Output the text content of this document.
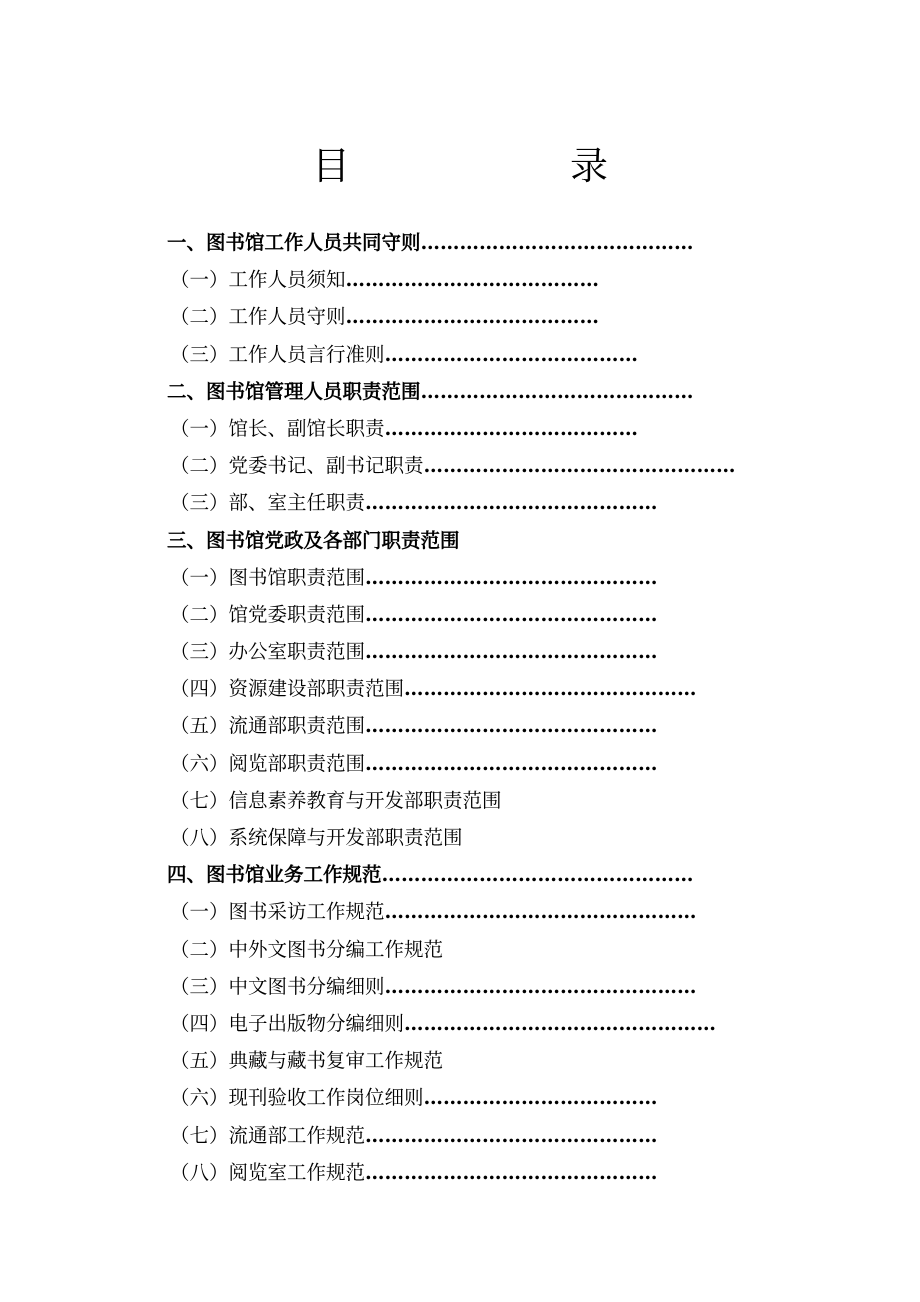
目　　录
一、图书馆工作人员共同守则……………………………………
（一）工作人员须知…………………………………
（二）工作人员守则…………………………………
（三）工作人员言行准则…………………………………
二、图书馆管理人员职责范围……………………………………
（一）馆长、副馆长职责…………………………………
（二）党委书记、副书记职责…………………………………………
（三）部、室主任职责………………………………………
三、图书馆党政及各部门职责范围
（一）图书馆职责范围………………………………………
（二）馆党委职责范围………………………………………
（三）办公室职责范围………………………………………
（四）资源建设部职责范围………………………………………
（五）流通部职责范围………………………………………
（六）阅览部职责范围………………………………………
（七）信息素养教育与开发部职责范围
（八）系统保障与开发部职责范围
四、图书馆业务工作规范…………………………………………
（一）图书采访工作规范…………………………………………
（二）中外文图书分编工作规范
（三）中文图书分编细则…………………………………………
（四）电子出版物分编细则…………………………………………
（五）典藏与藏书复审工作规范
（六）现刊验收工作岗位细则………………………………
（七）流通部工作规范………………………………………
（八）阅览室工作规范………………………………………
